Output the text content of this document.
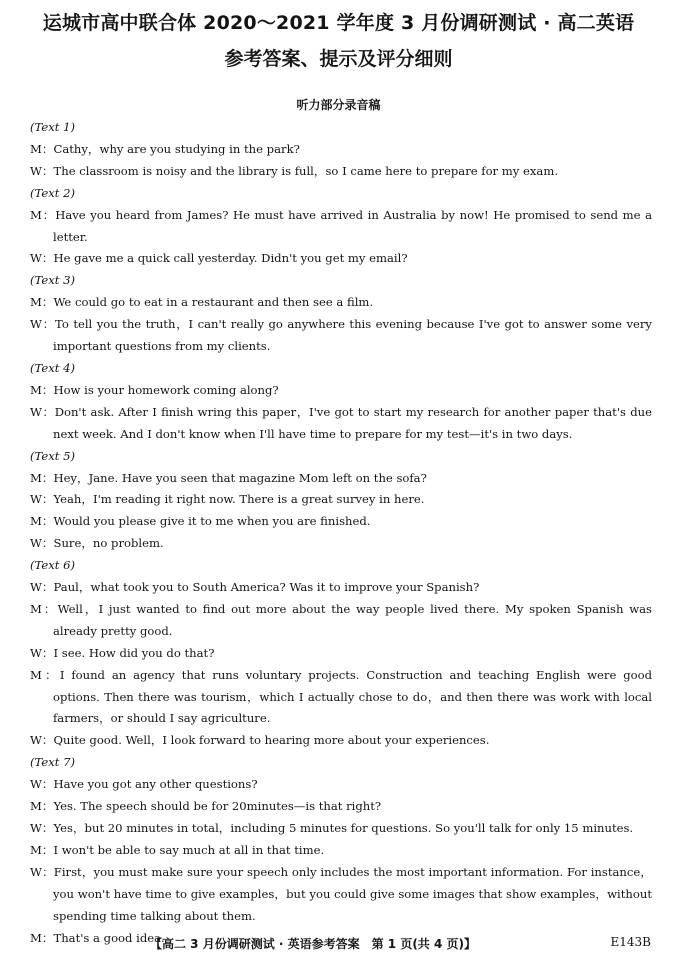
运城市高中联合体 2020～2021 学年度 3 月份调研测试 · 高二英语
参考答案、提示及评分细则
听力部分录音稿
(Text 1)
M：Cathy，why are you studying in the park?
W：The classroom is noisy and the library is full，so I came here to prepare for my exam.
(Text 2)
M：Have you heard from James? He must have arrived in Australia by now! He promised to send me a letter.
W：He gave me a quick call yesterday. Didn't you get my email?
(Text 3)
M：We could go to eat in a restaurant and then see a film.
W：To tell you the truth，I can't really go anywhere this evening because I've got to answer some very important questions from my clients.
(Text 4)
M：How is your homework coming along?
W：Don't ask. After I finish wring this paper，I've got to start my research for another paper that's due next week. And I don't know when I'll have time to prepare for my test—it's in two days.
(Text 5)
M：Hey，Jane. Have you seen that magazine Mom left on the sofa?
W：Yeah，I'm reading it right now. There is a great survey in here.
M：Would you please give it to me when you are finished.
W：Sure，no problem.
(Text 6)
W：Paul，what took you to South America? Was it to improve your Spanish?
M：Well，I just wanted to find out more about the way people lived there. My spoken Spanish was already pretty good.
W：I see. How did you do that?
M：I found an agency that runs voluntary projects. Construction and teaching English were good options. Then there was tourism，which I actually chose to do，and then there was work with local farmers，or should I say agriculture.
W：Quite good. Well，I look forward to hearing more about your experiences.
(Text 7)
W：Have you got any other questions?
M：Yes. The speech should be for 20minutes—is that right?
W：Yes，but 20 minutes in total，including 5 minutes for questions. So you'll talk for only 15 minutes.
M：I won't be able to say much at all in that time.
W：First，you must make sure your speech only includes the most important information. For instance，you won't have time to give examples，but you could give some images that show examples，without spending time talking about them.
M：That's a good idea.
【高二 3 月份调研测试 · 英语参考答案　第 1 页(共 4 页)】	E143B
